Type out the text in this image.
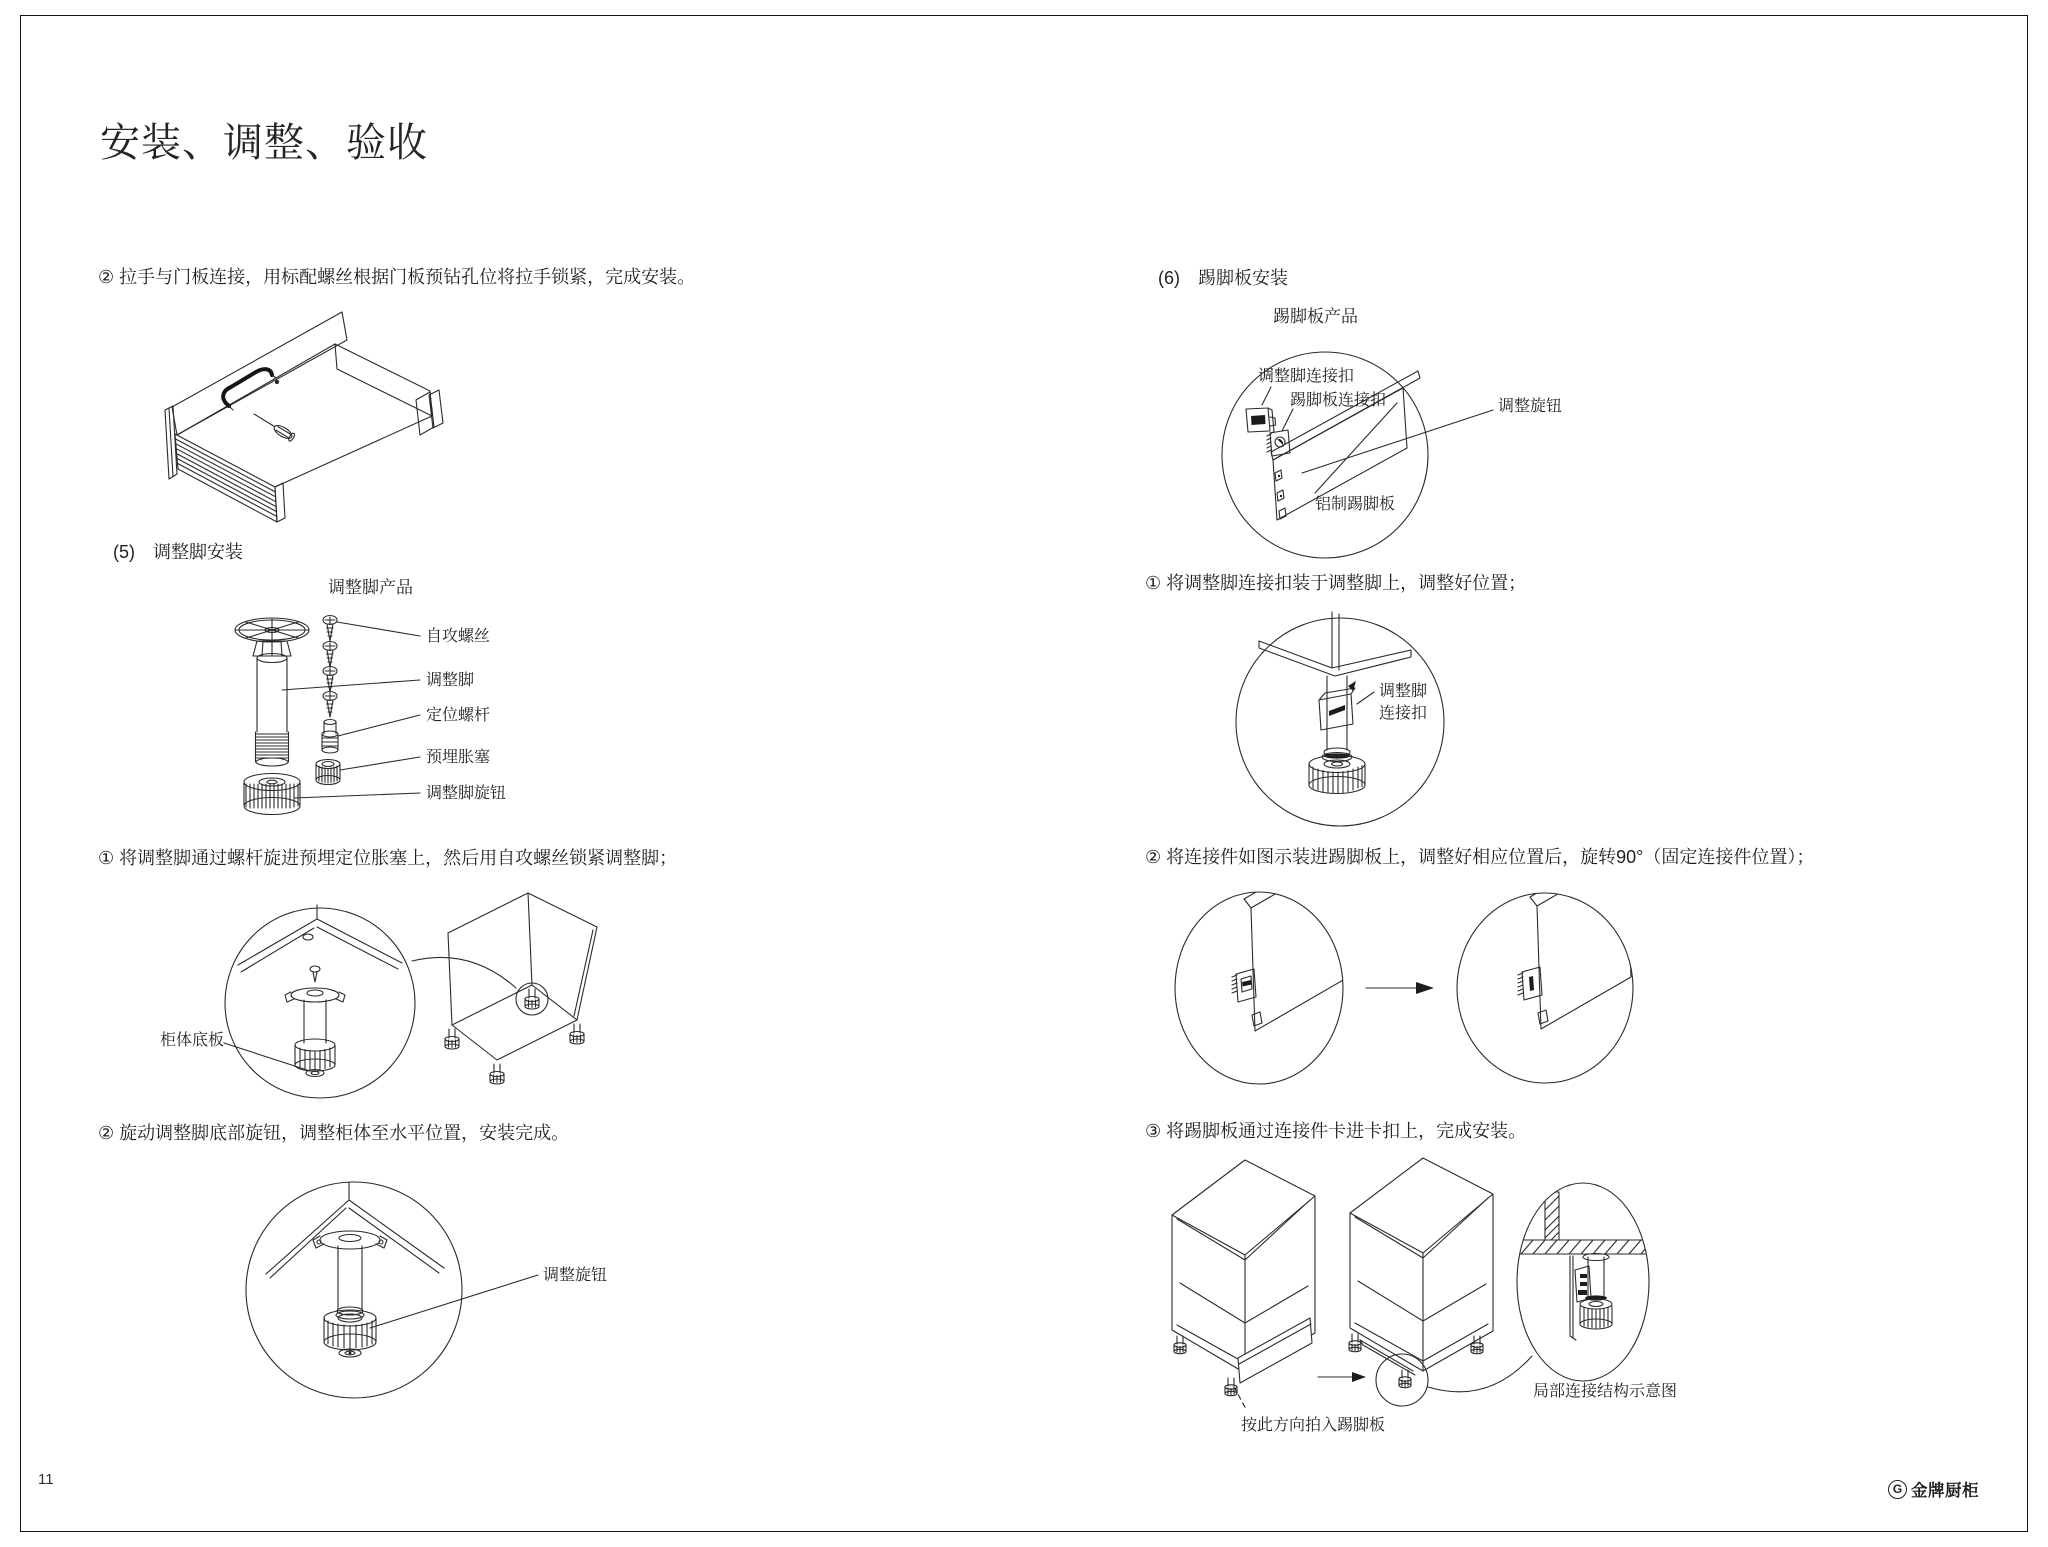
安装、调整、验收
② 拉手与门板连接，用标配螺丝根据门板预钻孔位将拉手锁紧，完成安装。
(5)　调整脚安装
调整脚产品
自攻螺丝
调整脚
定位螺杆
预埋胀塞
调整脚旋钮
① 将调整脚通过螺杆旋进预埋定位胀塞上，然后用自攻螺丝锁紧调整脚；
柜体底板
② 旋动调整脚底部旋钮，调整柜体至水平位置，安装完成。
调整旋钮
(6)　踢脚板安装
踢脚板产品
调整脚连接扣
踢脚板连接扣	调整旋钮
铝制踢脚板
① 将调整脚连接扣装于调整脚上，调整好位置；
调整脚
连接扣
② 将连接件如图示装进踢脚板上，调整好相应位置后，旋转90°（固定连接件位置）；
③ 将踢脚板通过连接件卡进卡扣上，完成安装。
按此方向拍入踢脚板
局部连接结构示意图
11
G 金牌厨柜
